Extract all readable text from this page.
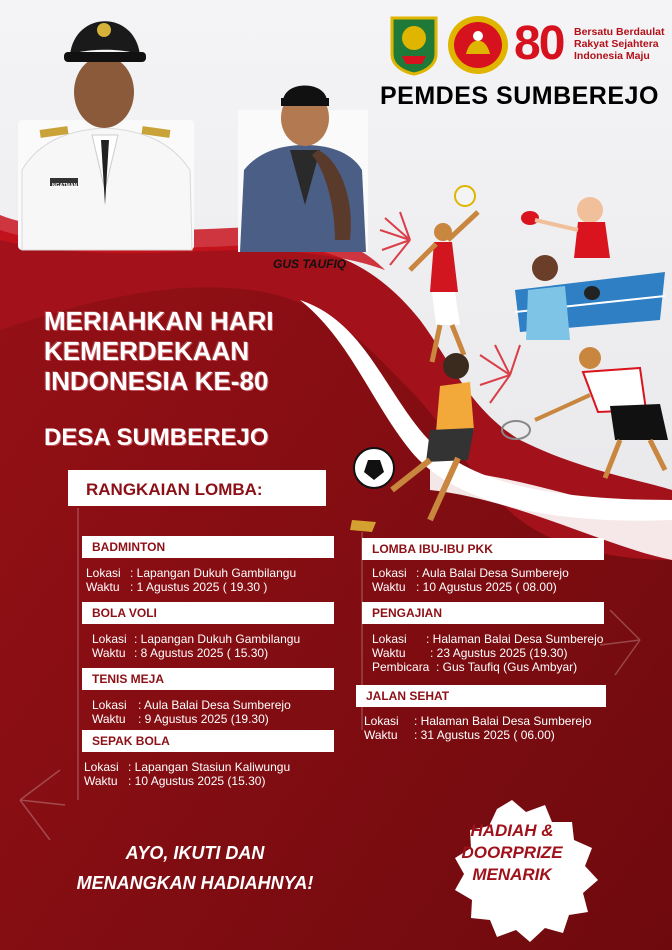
80 Bersatu Berdaulat
Rakyat Sejahtera
Indonesia Maju
PEMDES SUMBEREJO
NGATMAN
GUS TAUFIQ
MERIAHKAN HARI
KEMERDEKAAN
INDONESIA KE-80
DESA SUMBEREJO
RANGKAIAN LOMBA:
BADMINTON
Lokasi : Lapangan Dukuh Gambilangu
Waktu : 1 Agustus 2025 ( 19.30 )
BOLA VOLI
Lokasi : Lapangan Dukuh Gambilangu
Waktu : 8 Agustus 2025 ( 15.30)
TENIS MEJA
Lokasi : Aula Balai Desa Sumberejo
Waktu : 9 Agustus 2025 (19.30)
SEPAK BOLA
Lokasi : Lapangan Stasiun Kaliwungu
Waktu : 10 Agustus 2025 (15.30)
LOMBA IBU-IBU PKK
Lokasi : Aula Balai Desa Sumberejo
Waktu : 10 Agustus 2025 ( 08.00)
PENGAJIAN
Lokasi : Halaman Balai Desa Sumberejo
Waktu : 23 Agustus 2025 (19.30)
Pembicara : Gus Taufiq (Gus Ambyar)
JALAN SEHAT
Lokasi : Halaman Balai Desa Sumberejo
Waktu : 31 Agustus 2025 ( 06.00)
AYO, IKUTI DAN
MENANGKAN HADIAHNYA!
HADIAH &
DOORPRIZE
MENARIK
